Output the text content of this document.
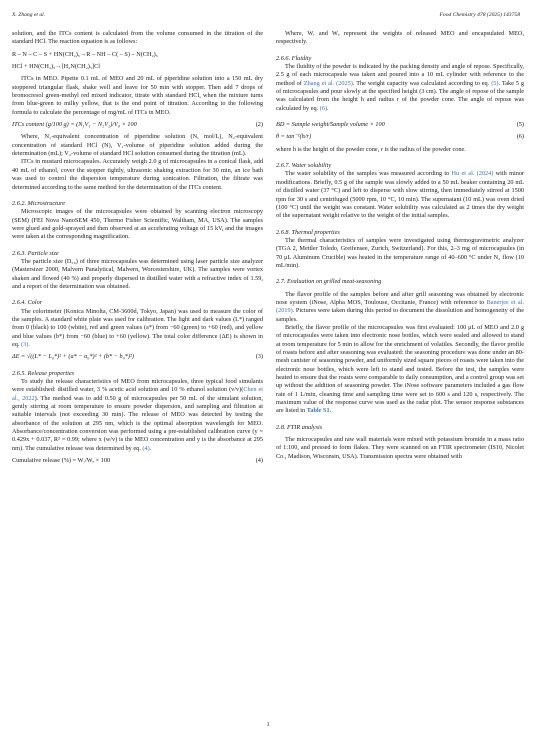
X. Zhang et al.	Food Chemistry 478 (2025) 143758

solution, and the ITCs content is calculated from the volume consumed in the titration of the standard HCl. The reaction equation is as follows:

R – N – C – S + HN(CH₂)₅→R – NH – C( – S) – N(CH₂)₅

HCl + HN(CH₂)₅→[H₂N(CH₂)₅]Cl

ITCs in MEO. Pipette 0.1 mL of MEO and 20 mL of piperidine solution into a 150 mL dry stoppered triangular flask, shake well and leave for 50 min with stopper. Then add 7 drops of bromocresol green-methyl red mixed indicator, titrate with standard HCl, when the mixture turns from blue-green to milky yellow, that is the end point of titration. According to the following formula to calculate the percentage of mg/mL of ITCs in MEO.

ITCs content (g/100 g) = (N₁V₁ − N₂V₂)/V₀ × 100	(2)

Where, N₁-equivalent concentration of piperidine solution (N, mol/L), N₂-equivalent concentration of standard HCl (N), V₁-volume of piperidine solution added during the determination (mL); V₂-volume of standard HCl solution consumed during the titration (mL).

ITCs in mustard microcapsules. Accurately weigh 2.0 g of microcapsules in a conical flask, add 40 mL of ethanol, cover the stopper tightly, ultrasonic shaking extraction for 30 min, an ice bath was used to control the dispersion temperature during sonication. Filtration, the filtrate was determined according to the same method for the determination of the ITCs content.

2.6.2. Microstructure

Microscopic images of the microcapsules were obtained by scanning electron microscopy (SEM) (FEI Nova NanoSEM 450, Thermo Fisher Scientific, Waltham, MA, USA). The samples were glued and gold-sprayed and then observed at an accelerating voltage of 15 kV, and the images were taken at the corresponding magnification.

2.6.3. Particle size

The particle size (D₅₀) of three microcapsules was determined using laser particle size analyzer (Mastersizer 2000, Malvern Panalytical, Malvern, Worcestershire, UK). The samples were vortex shaken and flowed (40 %) and properly dispersed in distilled water with a refractive index of 1.59, and a report of the determination was obtained.

2.6.4. Color

The colorimeter (Konica Minolta, CM-3600d, Tokyo, Japan) was used to measure the color of the samples. A standard white plate was used for calibration. The light and dark values (L*) ranged from 0 (black) to 100 (white), red and green values (a*) from −60 (green) to +60 (red), and yellow and blue values (b*) from −60 (blue) to +60 (yellow). The total color difference (ΔE) is shown in eq. (3).

ΔE = √((L* − L₀*)² + (a* − a₀*)² + (b* − b₀*)²)	(3)

2.6.5. Release properties

To study the release characteristics of MEO from microcapsules, three typical food simulants were established: distilled water, 3 % acetic acid solution and 10 % ethanol solution (v/v)(Chen et al., 2022). The method was to add 0.50 g of microcapsules per 50 mL of the simulant solution, gently stirring at room temperature to ensure powder dispersion, and sampling and filtration at suitable intervals (not exceeding 30 min). The release of MEO was detected by testing the absorbance of the solution at 295 nm, which is the optimal absorption wavelength for MEO. Absorbance/concentration conversion was performed using a pre-established calibration curve (y = 0.429x + 0.037, R² = 0.99; where x (w/v) is the MEO concentration and y is the absorbance at 295 nm). The cumulative release was determined by eq. (4).

Cumulative release (%) = Wᵣ/Wₑ × 100	(4)

Where, Wᵣ and Wₑ represent the weights of released MEO and encapsulated MEO, respectively.

2.6.6. Fluidity

The fluidity of the powder is indicated by the packing density and angle of repose. Specifically, 2.5 g of each microcapsule was taken and poured into a 10 mL cylinder with reference to the method of Zhang et al. (2025). The weight capacity was calculated according to eq. (5). Take 5 g of microcapsules and pour slowly at the specified height (3 cm). The angle of repose of the sample was calculated from the height h and radius r of the powder cone. The angle of repose was calculated by eq. (6).

BD = Sample weight/Sample volume × 100	(5)
θ = tan⁻¹(h/r)	(6)

where h is the height of the powder cone, r is the radius of the powder cone.

2.6.7. Water solubility

The water solubility of the samples was measured according to Hu et al. (2024) with minor modifications. Briefly, 0.5 g of the sample was slowly added to a 50 mL beaker containing 20 mL of distilled water (37 °C) and left to disperse with slow stirring, then immediately stirred at 1500 rpm for 30 s and centrifuged (5000 rpm, 10 °C, 10 min). The supernatant (10 mL) was oven dried (100 °C) until the weight was constant. Water solubility was calculated as 2 times the dry weight of the supernatant weight relative to the weight of the initial samples.

2.6.8. Thermal properties

The thermal characteristics of samples were investigated using thermogravimetric analyzer (TGA 2, Mettler Toledo, Greifensee, Zurich, Switzerland). For this, 2–3 mg of microcapsules (in 70 μL Aluminum Crucible) was heated in the temperature range of 40–600 °C under N₂ flow (10 mL/min).

2.7. Evaluation on grilled meat-seasoning

The flavor profile of the samples before and after grill seasoning was obtained by electronic nose system (iNose, Alpha MOS, Toulouse, Occitanie, France) with reference to Banerjee et al. (2019). Pictures were taken during this period to document the dissolution and homogeneity of the samples.

Briefly, the flavor profile of the microcapsules was first evaluated: 100 μL of MEO and 2.0 g of microcapsules were taken into electronic nose bottles, which were sealed and allowed to stand at room temperature for 5 min to allow for the enrichment of volatiles. Secondly, the flavor profile of roasts before and after seasoning was evaluated: the seasoning procedure was done under an 80-mesh canister of seasoning powder, and uniformly sized square pieces of roasts were taken into the electronic nose bottles, which were left to stand and tested. Before the test, the samples were heated to ensure that the roasts were comparable to daily consumption, and a control group was set up without the addition of seasoning powder. The iNose software parameters included a gas flow rate of 1 L/min, cleaning time and sampling time were set to 600 s and 120 s, respectively. The maximum value of the response curve was used as the radar plot. The sensor response substances are listed in Table S1.

2.8. FTIR analysis

The microcapsules and raw wall materials were mixed with potassium bromide in a mass ratio of 1:100, and pressed to form flakes. They were scanned on an FTIR spectrometer (IS10, Nicolet Co., Madison, Wisconsin, USA). Transmission spectra were obtained with

3
